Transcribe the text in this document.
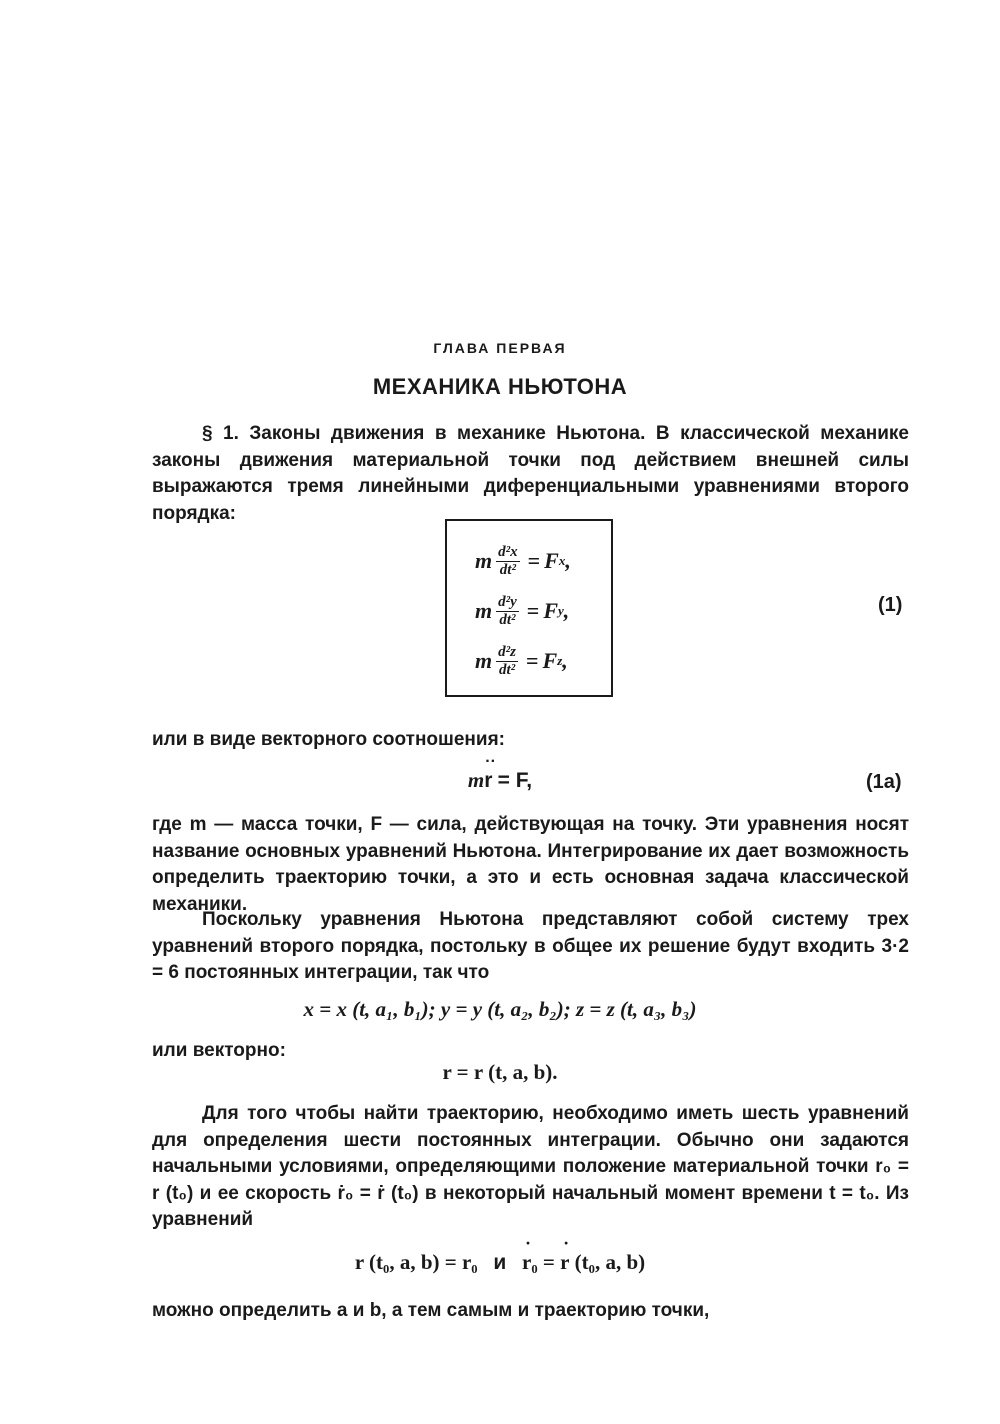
ГЛАВА ПЕРВАЯ
МЕХАНИКА НЬЮТОНА

§ 1. Законы движения в механике Ньютона. В классической механике законы движения материальной точки под действием внешней силы выражаются тремя линейными диференциальными уравнениями второго порядка:

m $\frac{\text{d²x}}{\text{dt²}} = F$ x ,
m $\frac{\text{d²y}}{\text{dt²}} = F$ y ,
m $\frac{\text{d²z}}{\text{dt²}} = F$ z ,
(1)

или в виде векторного соотношения:

m·· r = F,	(1a)

где m — масса точки, F — сила, действующая на точку. Эти уравнения носят название основных уравнений Ньютона. Интегрирование их дает возможность определить траекторию точки, а это и есть основная задача классической механики.

Поскольку уравнения Ньютона представляют собой систему трех уравнений второго порядка, постольку в общее их решение будут входить 3·2 = 6 постоянных интеграции, так что

x = x (t, a₁, b₁); y = y (t, a₂, b₂); z = z (t, a₃, b₃)

или векторно:

r = r (t, a, b).

Для того чтобы найти траекторию, необходимо иметь шесть уравнений для определения шести постоянных интеграции. Обычно они задаются начальными условиями, определяющими положение материальной точки r₀ = r (t₀) и ее скорость ṙ₀ = ṙ (t₀) в некоторый начальный момент времени t = t₀. Из уравнений

r (t₀, a, b) = r₀ и   · r₀ = · r (t₀, a, b)

можно определить a и b, а тем самым и траекторию точки,
